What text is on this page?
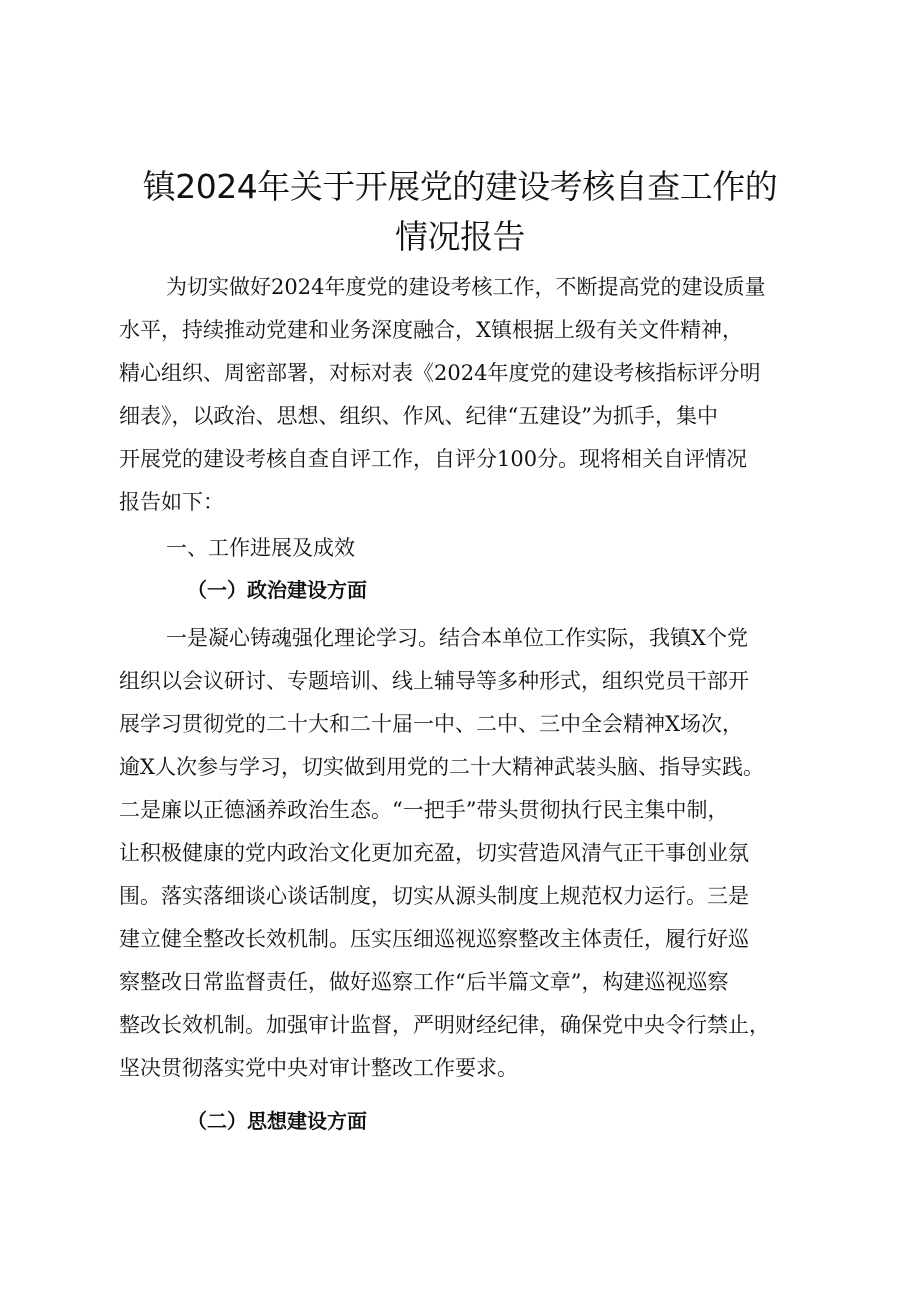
镇2024年关于开展党的建设考核自查工作的
情况报告
为切实做好2024年度党的建设考核工作，不断提高党的建设质量
水平，持续推动党建和业务深度融合，X镇根据上级有关文件精神，
精心组织、周密部署，对标对表《2024年度党的建设考核指标评分明
细表》，以政治、思想、组织、作风、纪律“五建设”为抓手，集中
开展党的建设考核自查自评工作，自评分100分。现将相关自评情况
报告如下：
一、工作进展及成效
（一）政治建设方面
一是凝心铸魂强化理论学习。结合本单位工作实际，我镇X个党
组织以会议研讨、专题培训、线上辅导等多种形式，组织党员干部开
展学习贯彻党的二十大和二十届一中、二中、三中全会精神X场次，
逾X人次参与学习，切实做到用党的二十大精神武装头脑、指导实践。
二是廉以正德涵养政治生态。“一把手”带头贯彻执行民主集中制，
让积极健康的党内政治文化更加充盈，切实营造风清气正干事创业氛
围。落实落细谈心谈话制度，切实从源头制度上规范权力运行。三是
建立健全整改长效机制。压实压细巡视巡察整改主体责任，履行好巡
察整改日常监督责任，做好巡察工作“后半篇文章”，构建巡视巡察
整改长效机制。加强审计监督，严明财经纪律，确保党中央令行禁止，
坚决贯彻落实党中央对审计整改工作要求。
（二）思想建设方面
